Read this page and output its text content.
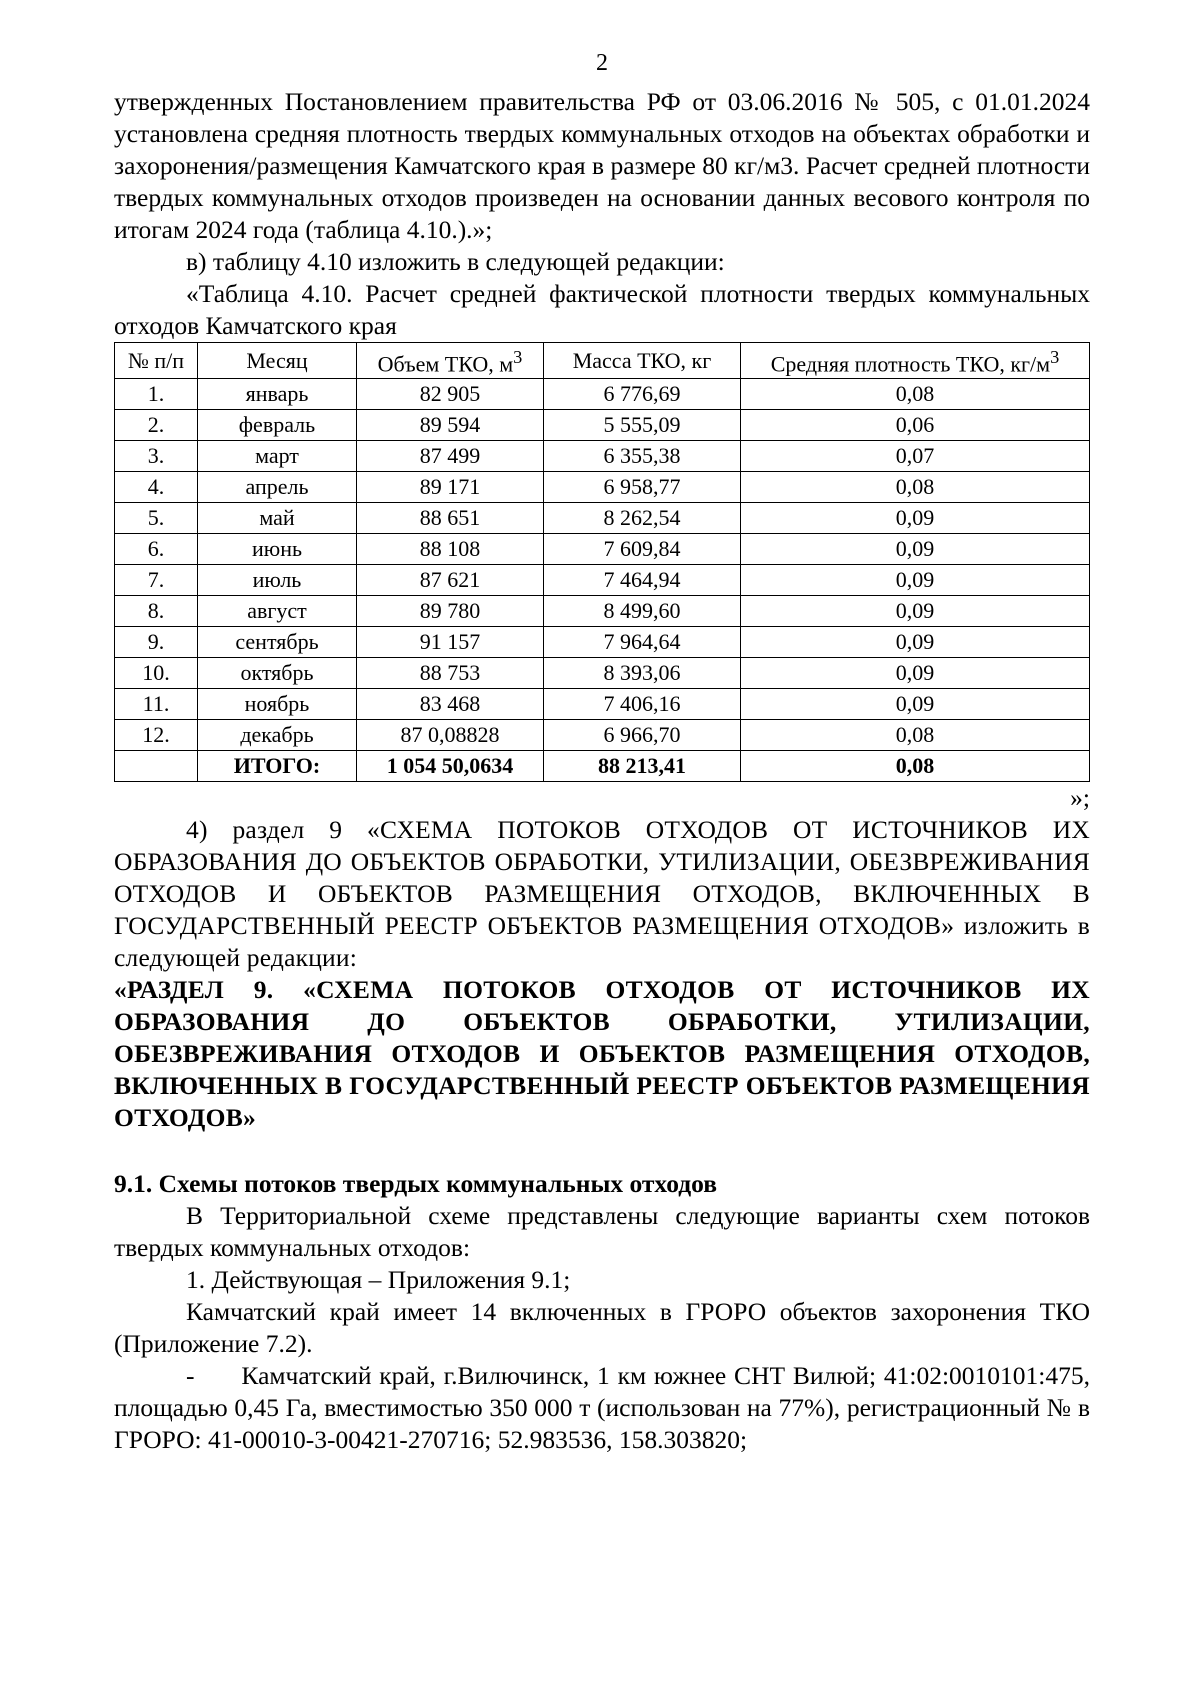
2

утвержденных Постановлением правительства РФ от 03.06.2016 № 505, с 01.01.2024 установлена средняя плотность твердых коммунальных отходов на объектах обработки и захоронения/размещения Камчатского края в размере 80 кг/м3. Расчет средней плотности твердых коммунальных отходов произведен на основании данных весового контроля по итогам 2024 года (таблица 4.10.).»;

в) таблицу 4.10 изложить в следующей редакции:

«Таблица 4.10. Расчет средней фактической плотности твердых коммунальных отходов Камчатского края

№ п/п	Месяц	Объем ТКО, $м^3$	Масса ТКО, кг	Средняя плотность ТКО, $кг/м^3$
1.	январь	82 905	6 776,69	0,08
2.	февраль	89 594	5 555,09	0,06
3.	март	87 499	6 355,38	0,07
4.	апрель	89 171	6 958,77	0,08
5.	май	88 651	8 262,54	0,09
6.	июнь	88 108	7 609,84	0,09
7.	июль	87 621	7 464,94	0,09
8.	август	89 780	8 499,60	0,09
9.	сентябрь	91 157	7 964,64	0,09
10.	октябрь	88 753	8 393,06	0,09
11.	ноябрь	83 468	7 406,16	0,09
12.	декабрь	87 0,08828	6 966,70	0,08
	ИТОГО:	1 054 50,0634	88 213,41	0,08
»;

4) раздел 9 «СХЕМА ПОТОКОВ ОТХОДОВ ОТ ИСТОЧНИКОВ ИХ ОБРАЗОВАНИЯ ДО ОБЪЕКТОВ ОБРАБОТКИ, УТИЛИЗАЦИИ, ОБЕЗВРЕЖИВАНИЯ ОТХОДОВ И ОБЪЕКТОВ РАЗМЕЩЕНИЯ ОТХОДОВ, ВКЛЮЧЕННЫХ В ГОСУДАРСТВЕННЫЙ РЕЕСТР ОБЪЕКТОВ РАЗМЕЩЕНИЯ ОТХОДОВ» изложить в следующей редакции:

«РАЗДЕЛ 9. «СХЕМА ПОТОКОВ ОТХОДОВ ОТ ИСТОЧНИКОВ ИХ ОБРАЗОВАНИЯ ДО ОБЪЕКТОВ ОБРАБОТКИ, УТИЛИЗАЦИИ, ОБЕЗВРЕЖИВАНИЯ ОТХОДОВ И ОБЪЕКТОВ РАЗМЕЩЕНИЯ ОТХОДОВ, ВКЛЮЧЕННЫХ В ГОСУДАРСТВЕННЫЙ РЕЕСТР ОБЪЕКТОВ РАЗМЕЩЕНИЯ ОТХОДОВ»

9.1. Схемы потоков твердых коммунальных отходов

В Территориальной схеме представлены следующие варианты схем потоков твердых коммунальных отходов:

1. Действующая – Приложения 9.1;

Камчатский край имеет 14 включенных в ГРОРО объектов захоронения ТКО (Приложение 7.2).

-      Камчатский край, г.Вилючинск, 1 км южнее СНТ Вилюй; 41:02:0010101:475, площадью 0,45 Га, вместимостью 350 000 т (использован на 77%), регистрационный № в ГРОРО: 41-00010-3-00421-270716; 52.983536, 158.303820;
